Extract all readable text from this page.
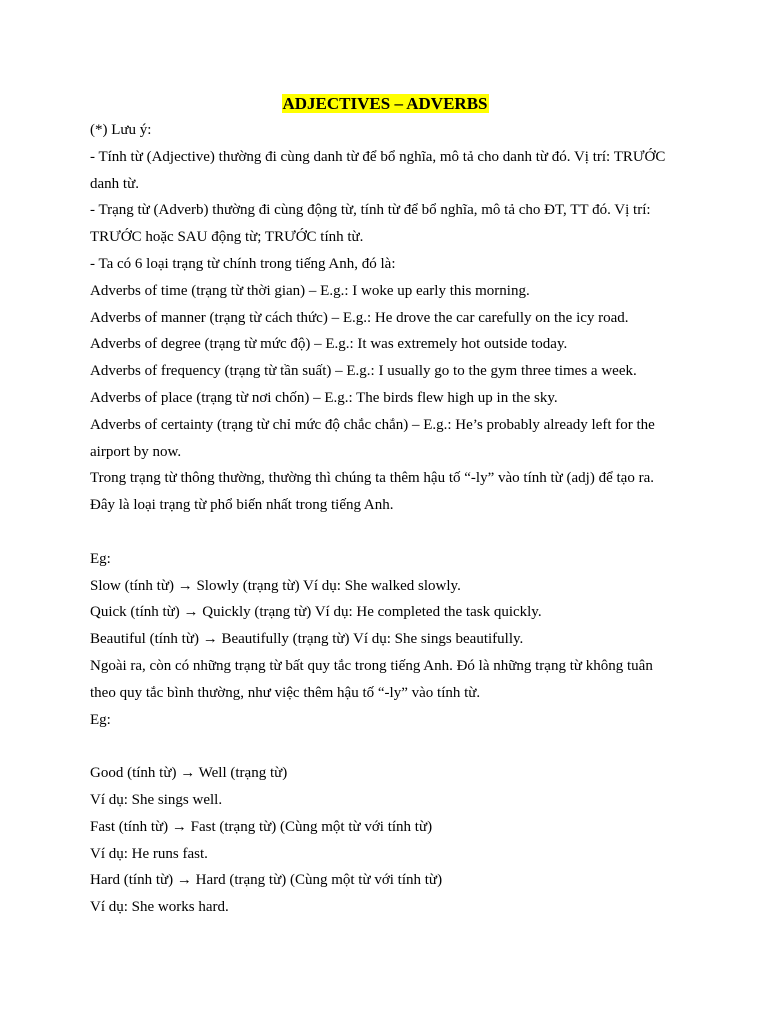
ADJECTIVES – ADVERBS
(*) Lưu ý:
- Tính từ (Adjective) thường đi cùng danh từ để bổ nghĩa, mô tả cho danh từ đó. Vị trí: TRƯỚC
danh từ.
- Trạng từ (Adverb) thường đi cùng động từ, tính từ để bổ nghĩa, mô tả cho ĐT, TT đó. Vị trí:
TRƯỚC hoặc SAU động từ; TRƯỚC tính từ.
- Ta có 6 loại trạng từ chính trong tiếng Anh, đó là:
Adverbs of time (trạng từ thời gian) – E.g.: I woke up early this morning.
Adverbs of manner (trạng từ cách thức) – E.g.: He drove the car carefully on the icy road.
Adverbs of degree (trạng từ mức độ) – E.g.: It was extremely hot outside today.
Adverbs of frequency (trạng từ tần suất) – E.g.: I usually go to the gym three times a week.
Adverbs of place (trạng từ nơi chốn) – E.g.: The birds flew high up in the sky.
Adverbs of certainty (trạng từ chỉ mức độ chắc chắn) – E.g.: He’s probably already left for the
airport by now.
Trong trạng từ thông thường, thường thì chúng ta thêm hậu tố “-ly” vào tính từ (adj) để tạo ra.
Đây là loại trạng từ phổ biến nhất trong tiếng Anh.
Eg:
Slow (tính từ) → Slowly (trạng từ) Ví dụ: She walked slowly.
Quick (tính từ) → Quickly (trạng từ) Ví dụ: He completed the task quickly.
Beautiful (tính từ) → Beautifully (trạng từ) Ví dụ: She sings beautifully.
Ngoài ra, còn có những trạng từ bất quy tắc trong tiếng Anh. Đó là những trạng từ không tuân
theo quy tắc bình thường, như việc thêm hậu tố “-ly” vào tính từ.
Eg:
Good (tính từ) → Well (trạng từ)
Ví dụ: She sings well.
Fast (tính từ) → Fast (trạng từ) (Cùng một từ với tính từ)
Ví dụ: He runs fast.
Hard (tính từ) → Hard (trạng từ) (Cùng một từ với tính từ)
Ví dụ: She works hard.
